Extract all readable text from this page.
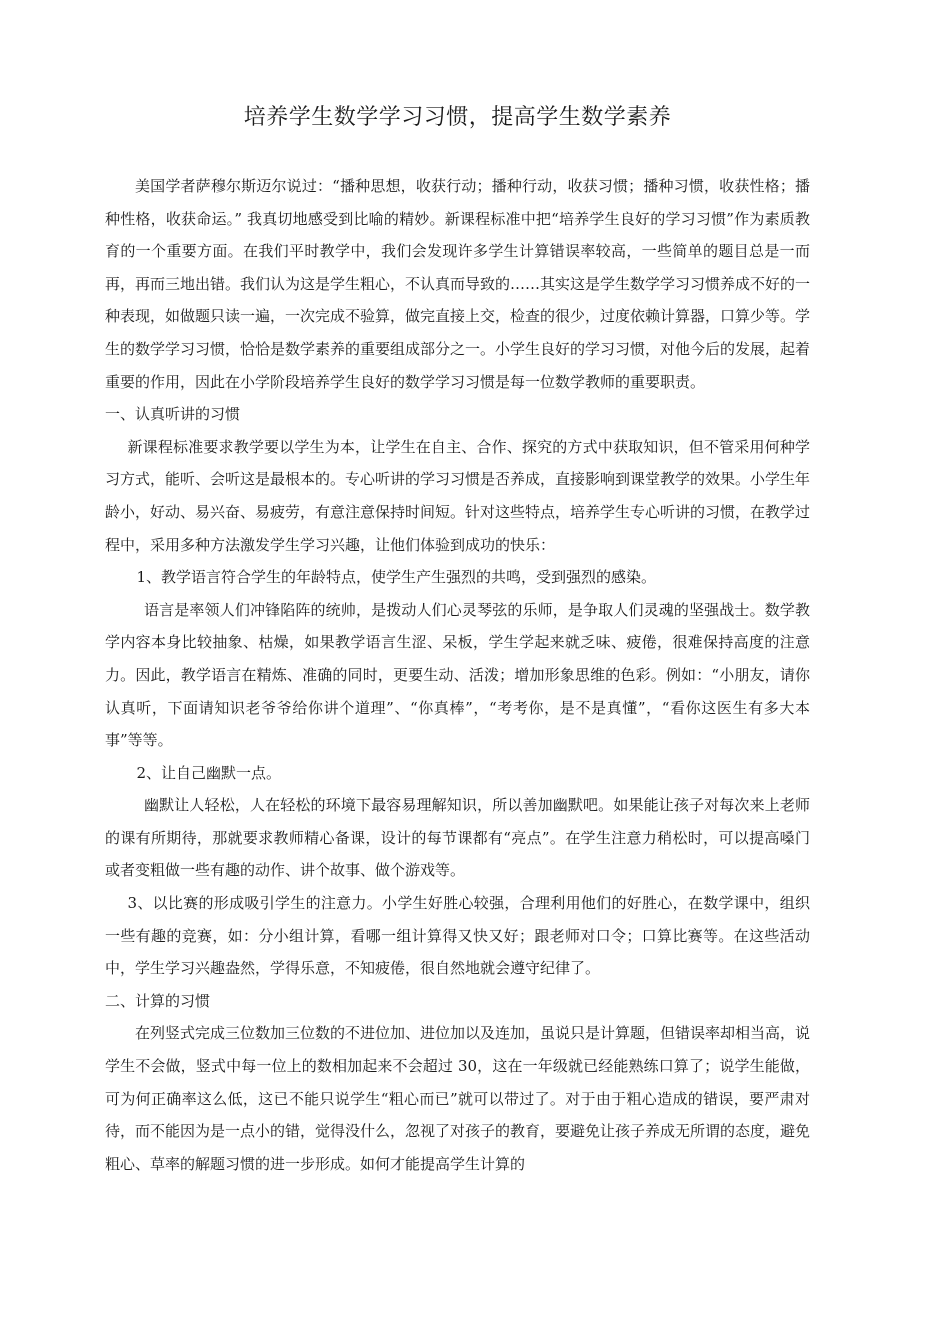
培养学生数学学习习惯，提高学生数学素养

美国学者萨穆尔斯迈尔说过：“播种思想，收获行动；播种行动，收获习惯；播种习惯，收获性格；播种性格，收获命运。” 我真切地感受到比喻的精妙。新课程标准中把“培养学生良好的学习习惯”作为素质教育的一个重要方面。在我们平时教学中，我们会发现许多学生计算错误率较高，一些简单的题目总是一而再，再而三地出错。我们认为这是学生粗心，不认真而导致的……其实这是学生数学学习习惯养成不好的一种表现，如做题只读一遍，一次完成不验算，做完直接上交，检查的很少，过度依赖计算器，口算少等。学生的数学学习习惯，恰恰是数学素养的重要组成部分之一。小学生良好的学习习惯，对他今后的发展，起着重要的作用，因此在小学阶段培养学生良好的数学学习习惯是每一位数学教师的重要职责。

一、认真听讲的习惯

新课程标准要求教学要以学生为本，让学生在自主、合作、探究的方式中获取知识，但不管采用何种学习方式，能听、会听这是最根本的。专心听讲的学习习惯是否养成，直接影响到课堂教学的效果。小学生年龄小，好动、易兴奋、易疲劳，有意注意保持时间短。针对这些特点，培养学生专心听讲的习惯，在教学过程中，采用多种方法激发学生学习兴趣，让他们体验到成功的快乐：

1、教学语言符合学生的年龄特点，使学生产生强烈的共鸣，受到强烈的感染。

语言是率领人们冲锋陷阵的统帅，是拨动人们心灵琴弦的乐师，是争取人们灵魂的坚强战士。数学教学内容本身比较抽象、枯燥，如果教学语言生涩、呆板，学生学起来就乏味、疲倦，很难保持高度的注意力。因此，教学语言在精炼、准确的同时，更要生动、活泼；增加形象思维的色彩。例如：“小朋友，请你认真听，下面请知识老爷爷给你讲个道理”、“你真棒”，“考考你，是不是真懂”，“看你这医生有多大本事”等等。

2、让自己幽默一点。

幽默让人轻松，人在轻松的环境下最容易理解知识，所以善加幽默吧。如果能让孩子对每次来上老师的课有所期待，那就要求教师精心备课，设计的每节课都有“亮点”。在学生注意力稍松时，可以提高嗓门或者变粗做一些有趣的动作、讲个故事、做个游戏等。

3、以比赛的形成吸引学生的注意力。小学生好胜心较强，合理利用他们的好胜心，在数学课中，组织一些有趣的竞赛，如：分小组计算，看哪一组计算得又快又好；跟老师对口令；口算比赛等。在这些活动中，学生学习兴趣盎然，学得乐意，不知疲倦，很自然地就会遵守纪律了。

二、计算的习惯

在列竖式完成三位数加三位数的不进位加、进位加以及连加，虽说只是计算题，但错误率却相当高，说学生不会做，竖式中每一位上的数相加起来不会超过 30，这在一年级就已经能熟练口算了；说学生能做，可为何正确率这么低，这已不能只说学生“粗心而已”就可以带过了。对于由于粗心造成的错误，要严肃对待，而不能因为是一点小的错，觉得没什么，忽视了对孩子的教育，要避免让孩子养成无所谓的态度，避免粗心、草率的解题习惯的进一步形成。如何才能提高学生计算的
